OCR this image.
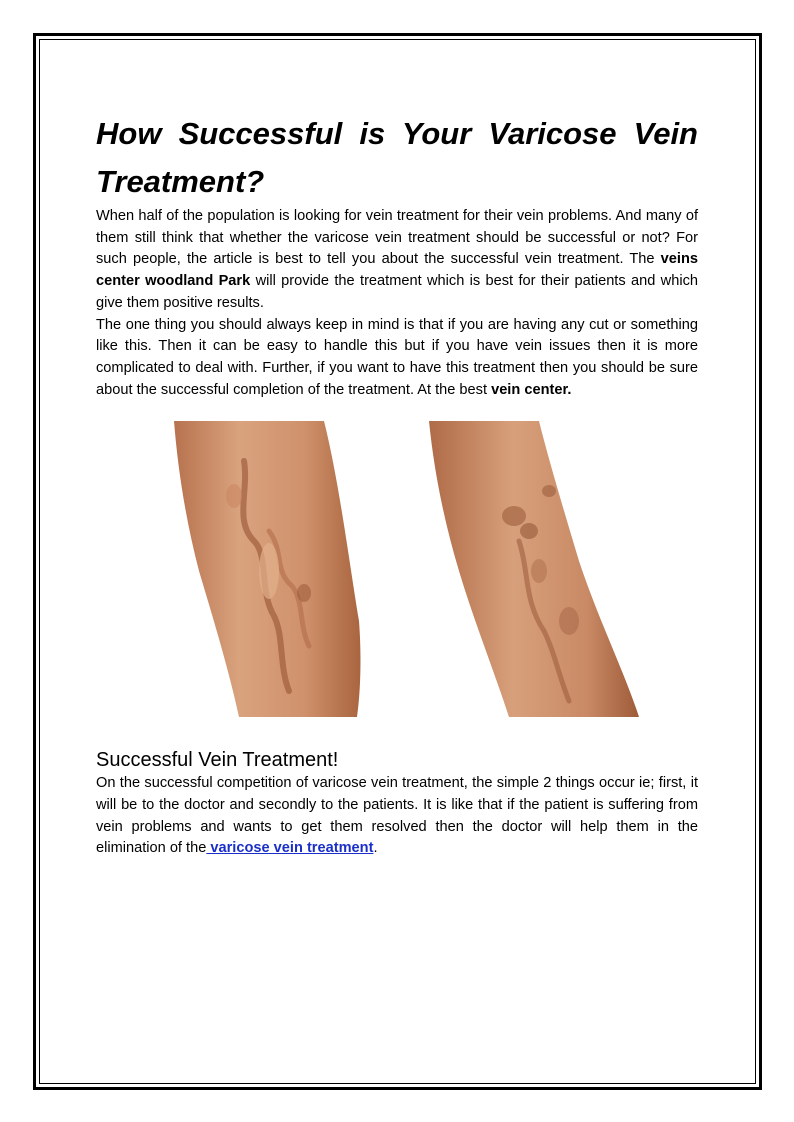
How Successful is Your Varicose Vein Treatment?

When half of the population is looking for vein treatment for their vein problems. And many of them still think that whether the varicose vein treatment should be successful or not? For such people, the article is best to tell you about the successful vein treatment. The veins center woodland Park will provide the treatment which is best for their patients and which give them positive results.

The one thing you should always keep in mind is that if you are having any cut or something like this. Then it can be easy to handle this but if you have vein issues then it is more complicated to deal with. Further, if you want to have this treatment then you should be sure about the successful completion of the treatment. At the best vein center.

Successful Vein Treatment!

On the successful competition of varicose vein treatment, the simple 2 things occur ie; first, it will be to the doctor and secondly to the patients. It is like that if the patient is suffering from vein problems and wants to get them resolved then the doctor will help them in the elimination of the varicose vein treatment.
